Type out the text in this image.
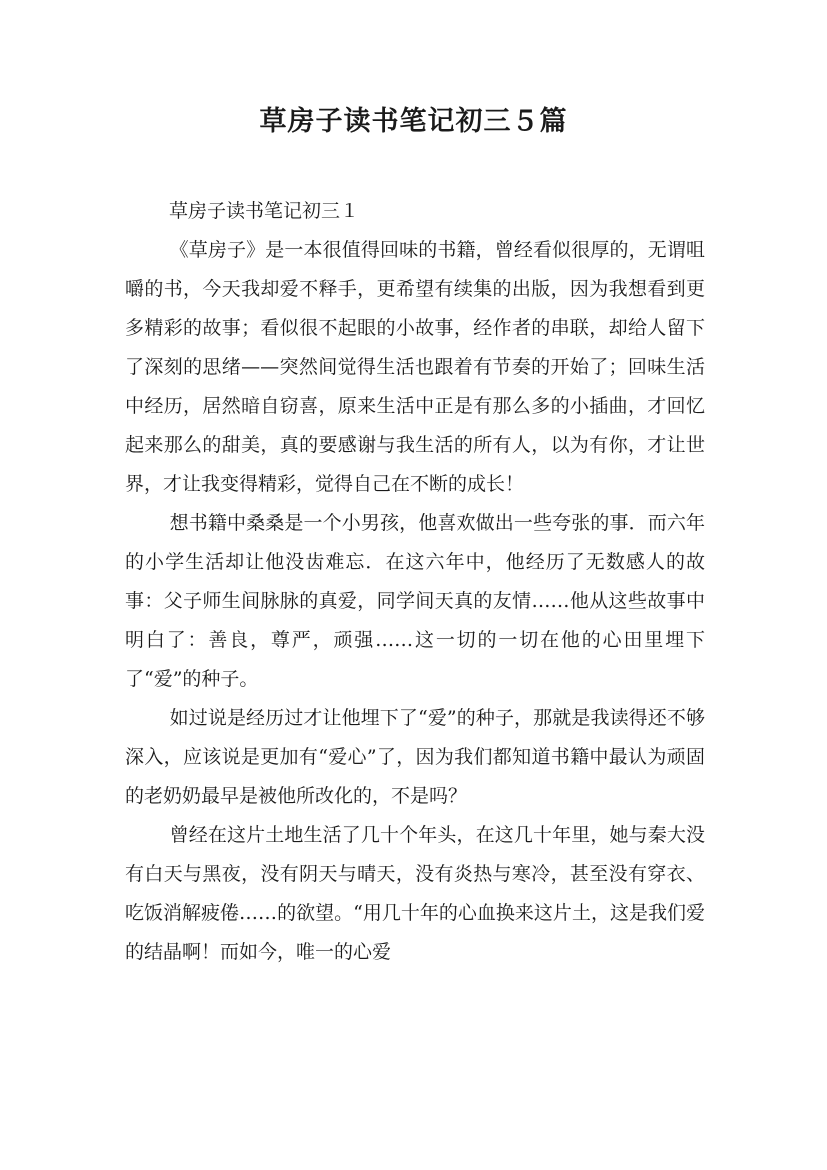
草房子读书笔记初三５篇

草房子读书笔记初三１

《草房子》是一本很值得回味的书籍，曾经看似很厚的，无谓咀嚼的书，今天我却爱不释手，更希望有续集的出版，因为我想看到更多精彩的故事；看似很不起眼的小故事，经作者的串联，却给人留下了深刻的思绪——突然间觉得生活也跟着有节奏的开始了；回味生活中经历，居然暗自窃喜，原来生活中正是有那么多的小插曲，才回忆起来那么的甜美，真的要感谢与我生活的所有人，以为有你，才让世界，才让我变得精彩，觉得自己在不断的成长！

想书籍中桑桑是一个小男孩，他喜欢做出一些夸张的事．而六年的小学生活却让他没齿难忘．在这六年中，他经历了无数感人的故事：父子师生间脉脉的真爱，同学间天真的友情……他从这些故事中明白了：善良，尊严，顽强……这一切的一切在他的心田里埋下了“爱”的种子。

如过说是经历过才让他埋下了“爱”的种子，那就是我读得还不够深入，应该说是更加有“爱心”了，因为我们都知道书籍中最认为顽固的老奶奶最早是被他所改化的，不是吗？

曾经在这片土地生活了几十个年头，在这几十年里，她与秦大没有白天与黑夜，没有阴天与晴天，没有炎热与寒冷，甚至没有穿衣、吃饭消解疲倦……的欲望。“用几十年的心血换来这片土，这是我们爱的结晶啊！而如今，唯一的心爱
